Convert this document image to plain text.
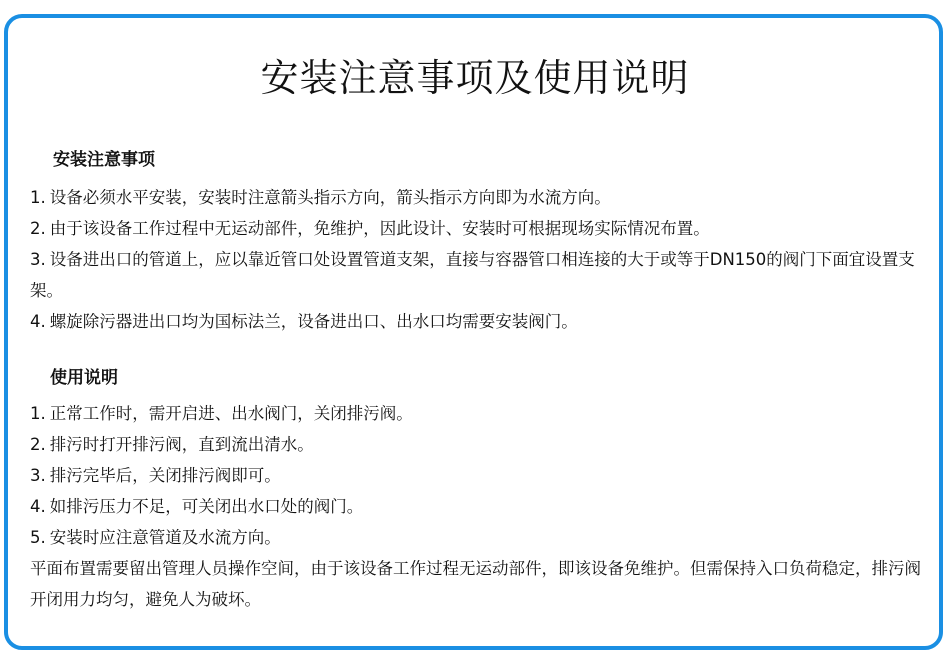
安装注意事项及使用说明
安装注意事项
1. 设备必须水平安装，安装时注意箭头指示方向，箭头指示方向即为水流方向。
2. 由于该设备工作过程中无运动部件，免维护，因此设计、安装时可根据现场实际情况布置。
3. 设备进出口的管道上，应以靠近管口处设置管道支架，直接与容器管口相连接的大于或等于DN150的阀门下面宜设置支架。
4. 螺旋除污器进出口均为国标法兰，设备进出口、出水口均需要安装阀门。
使用说明
1. 正常工作时，需开启进、出水阀门，关闭排污阀。
2. 排污时打开排污阀，直到流出清水。
3. 排污完毕后，关闭排污阀即可。
4. 如排污压力不足，可关闭出水口处的阀门。
5. 安装时应注意管道及水流方向。
平面布置需要留出管理人员操作空间，由于该设备工作过程无运动部件，即该设备免维护。但需保持入口负荷稳定，排污阀开闭用力均匀，避免人为破坏。
